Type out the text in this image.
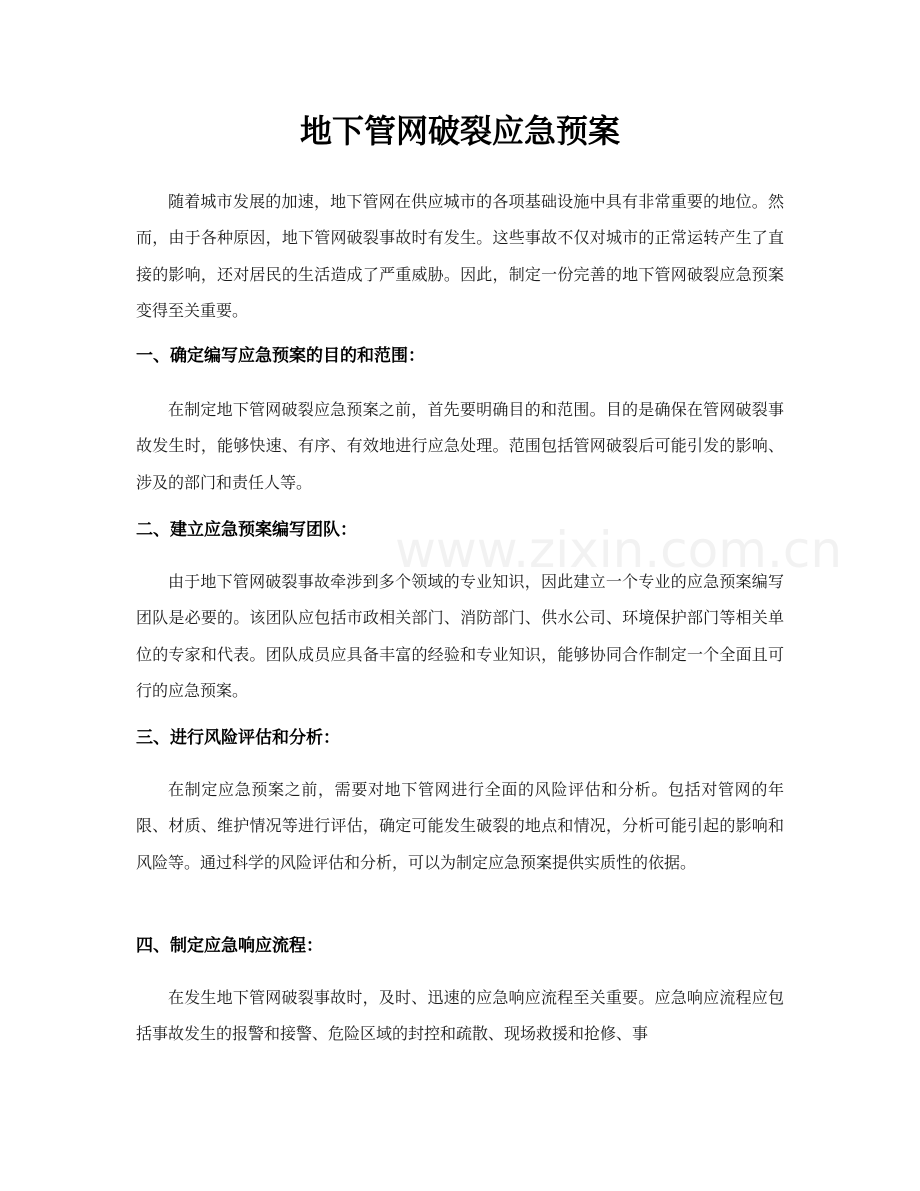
地下管网破裂应急预案

随着城市发展的加速，地下管网在供应城市的各项基础设施中具有非常重要的地位。然而，由于各种原因，地下管网破裂事故时有发生。这些事故不仅对城市的正常运转产生了直接的影响，还对居民的生活造成了严重威胁。因此，制定一份完善的地下管网破裂应急预案变得至关重要。

一、确定编写应急预案的目的和范围：

在制定地下管网破裂应急预案之前，首先要明确目的和范围。目的是确保在管网破裂事故发生时，能够快速、有序、有效地进行应急处理。范围包括管网破裂后可能引发的影响、涉及的部门和责任人等。

二、建立应急预案编写团队：

由于地下管网破裂事故牵涉到多个领域的专业知识，因此建立一个专业的应急预案编写团队是必要的。该团队应包括市政相关部门、消防部门、供水公司、环境保护部门等相关单位的专家和代表。团队成员应具备丰富的经验和专业知识，能够协同合作制定一个全面且可行的应急预案。

三、进行风险评估和分析：

在制定应急预案之前，需要对地下管网进行全面的风险评估和分析。包括对管网的年限、材质、维护情况等进行评估，确定可能发生破裂的地点和情况，分析可能引起的影响和风险等。通过科学的风险评估和分析，可以为制定应急预案提供实质性的依据。

四、制定应急响应流程：

在发生地下管网破裂事故时，及时、迅速的应急响应流程至关重要。应急响应流程应包括事故发生的报警和接警、危险区域的封控和疏散、现场救援和抢修、事

www.zixin.com.cn
